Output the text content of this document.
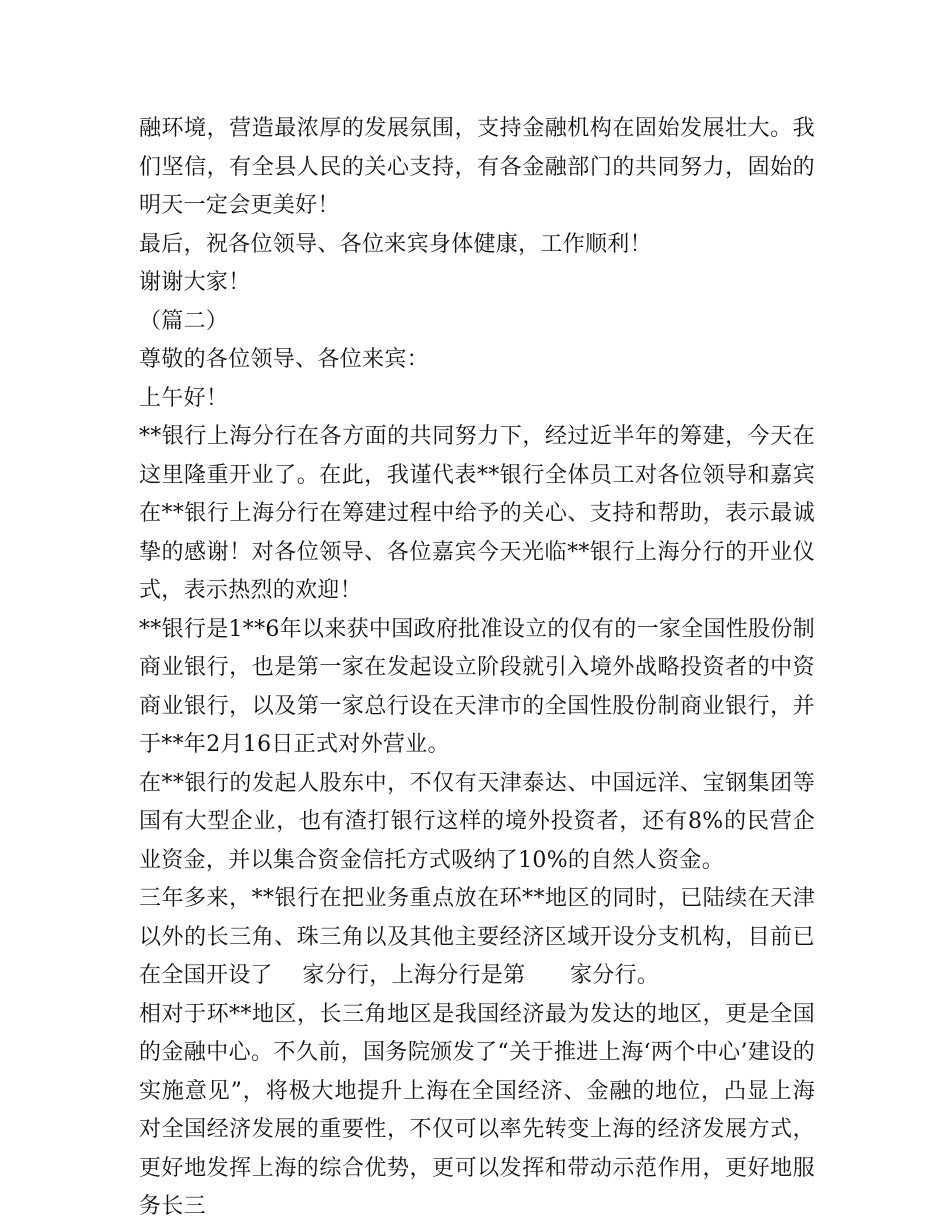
融环境，营造最浓厚的发展氛围，支持金融机构在固始发展壮大。我们坚信，有全县人民的关心支持，有各金融部门的共同努力，固始的明天一定会更美好！

最后，祝各位领导、各位来宾身体健康，工作顺利！

谢谢大家！

（篇二）

尊敬的各位领导、各位来宾：

上午好！

**银行上海分行在各方面的共同努力下，经过近半年的筹建，今天在这里隆重开业了。在此，我谨代表**银行全体员工对各位领导和嘉宾在**银行上海分行在筹建过程中给予的关心、支持和帮助，表示最诚挚的感谢！对各位领导、各位嘉宾今天光临**银行上海分行的开业仪式，表示热烈的欢迎！

**银行是1**6年以来获中国政府批准设立的仅有的一家全国性股份制商业银行，也是第一家在发起设立阶段就引入境外战略投资者的中资商业银行，以及第一家总行设在天津市的全国性股份制商业银行，并于**年2月16日正式对外营业。

在**银行的发起人股东中，不仅有天津泰达、中国远洋、宝钢集团等国有大型企业，也有渣打银行这样的境外投资者，还有8%的民营企业资金，并以集合资金信托方式吸纳了10%的自然人资金。

三年多来，**银行在把业务重点放在环**地区的同时，已陆续在天津以外的长三角、珠三角以及其他主要经济区域开设分支机构，目前已在全国开设了　 家分行，上海分行是第　　家分行。

相对于环**地区，长三角地区是我国经济最为发达的地区，更是全国的金融中心。不久前，国务院颁发了“关于推进上海‘两个中心’建设的实施意见”，将极大地提升上海在全国经济、金融的地位，凸显上海对全国经济发展的重要性，不仅可以率先转变上海的经济发展方式，更好地发挥上海的综合优势，更可以发挥和带动示范作用，更好地服务长三
